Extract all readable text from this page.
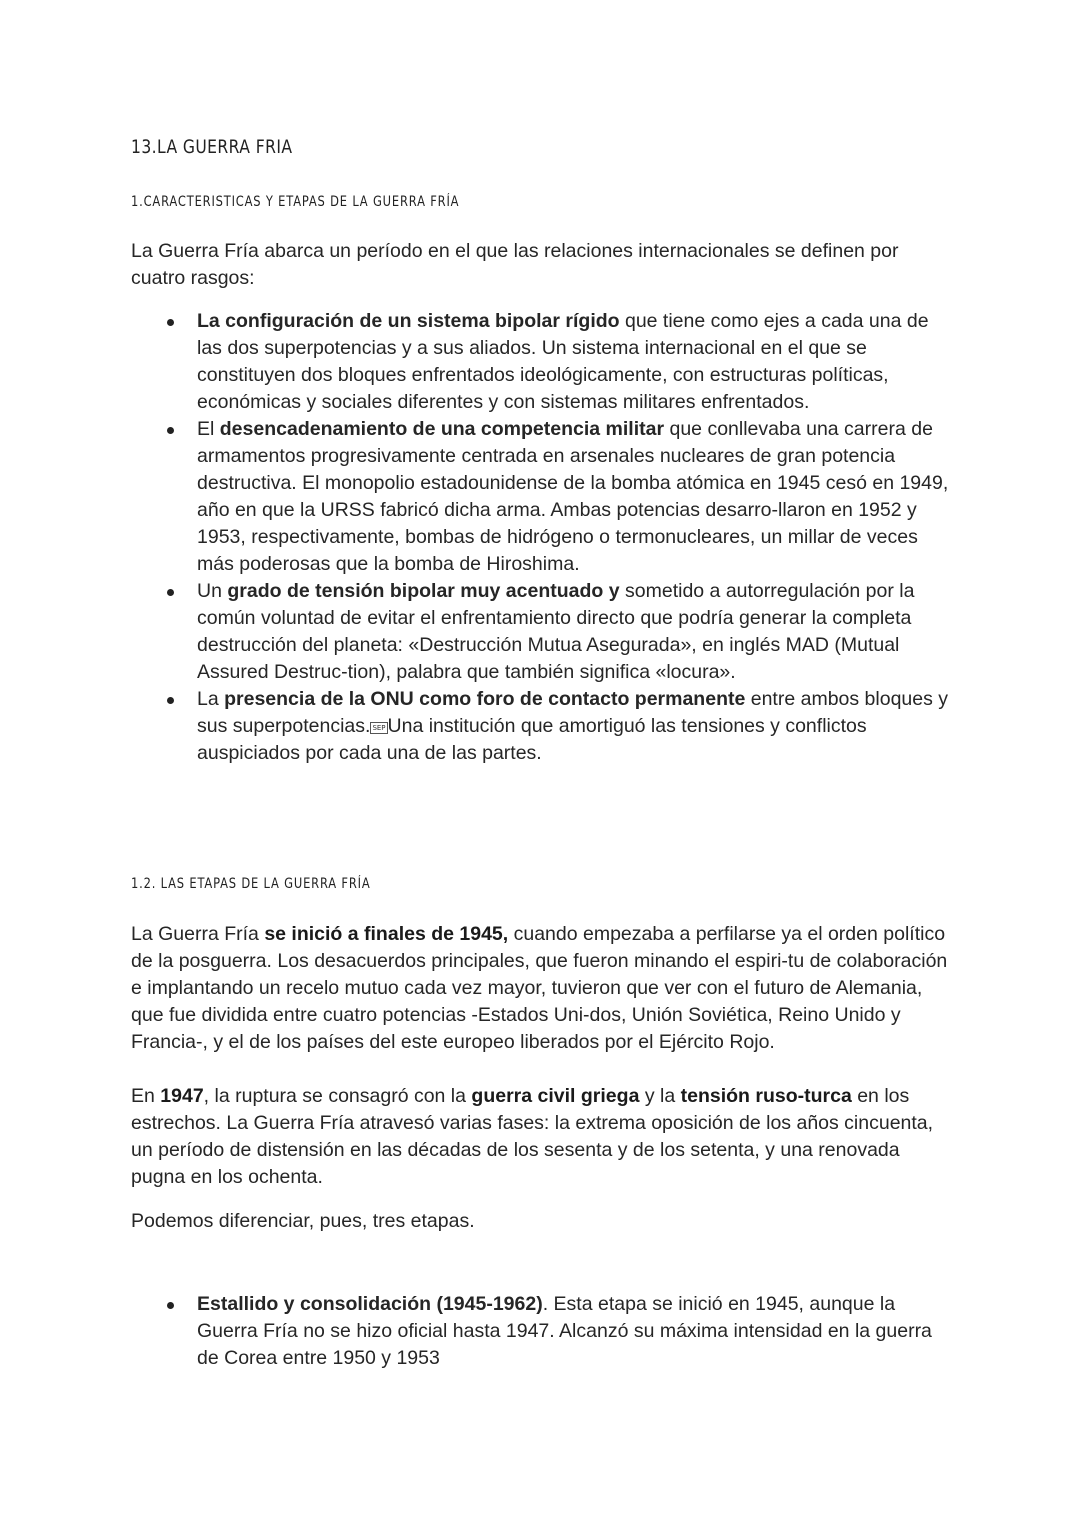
13.LA GUERRA FRIA
1.CARACTERISTICAS Y ETAPAS DE LA GUERRA FRÍA

La Guerra Fría abarca un período en el que las relaciones internacionales se definen por cuatro rasgos:

La configuración de un sistema bipolar rígido que tiene como ejes a cada una de las dos superpotencias y a sus aliados. Un sistema internacional en el que se constituyen dos bloques enfrentados ideológicamente, con estructuras políticas, económicas y sociales diferentes y con sistemas militares enfrentados.
El desencadenamiento de una competencia militar que conllevaba una carrera de armamentos progresivamente centrada en arsenales nucleares de gran potencia destructiva. El monopolio estadounidense de la bomba atómica en 1945 cesó en 1949, año en que la URSS fabricó dicha arma. Ambas potencias desarro-llaron en 1952 y 1953, respectivamente, bombas de hidrógeno o termonucleares, un millar de veces más poderosas que la bomba de Hiroshima.
Un grado de tensión bipolar muy acentuado y sometido a autorregulación por la común voluntad de evitar el enfrentamiento directo que podría generar la completa destrucción del planeta: «Destrucción Mutua Asegurada», en inglés MAD (Mutual Assured Destruc-tion), palabra que también significa «locura».
La presencia de la ONU como foro de contacto permanente entre ambos bloques y sus superpotencias. SEP Una institución que amortiguó las tensiones y conflictos auspiciados por cada una de las partes.
1.2. LAS ETAPAS DE LA GUERRA FRÍA

La Guerra Fría se inició a finales de 1945, cuando empezaba a perfilarse ya el orden político de la posguerra. Los desacuerdos principales, que fueron minando el espiri-tu de colaboración e implantando un recelo mutuo cada vez mayor, tuvieron que ver con el futuro de Alemania, que fue dividida entre cuatro potencias -Estados Uni-dos, Unión Soviética, Reino Unido y Francia-, y el de los países del este europeo liberados por el Ejército Rojo.

En 1947, la ruptura se consagró con la guerra civil griega y la tensión ruso-turca en los estrechos. La Guerra Fría atravesó varias fases: la extrema oposición de los años cincuenta, un período de distensión en las décadas de los sesenta y de los setenta, y una renovada pugna en los ochenta.

Podemos diferenciar, pues, tres etapas.

Estallido y consolidación (1945-1962). Esta etapa se inició en 1945, aunque la Guerra Fría no se hizo oficial hasta 1947. Alcanzó su máxima intensidad en la guerra de Corea entre 1950 y 1953
